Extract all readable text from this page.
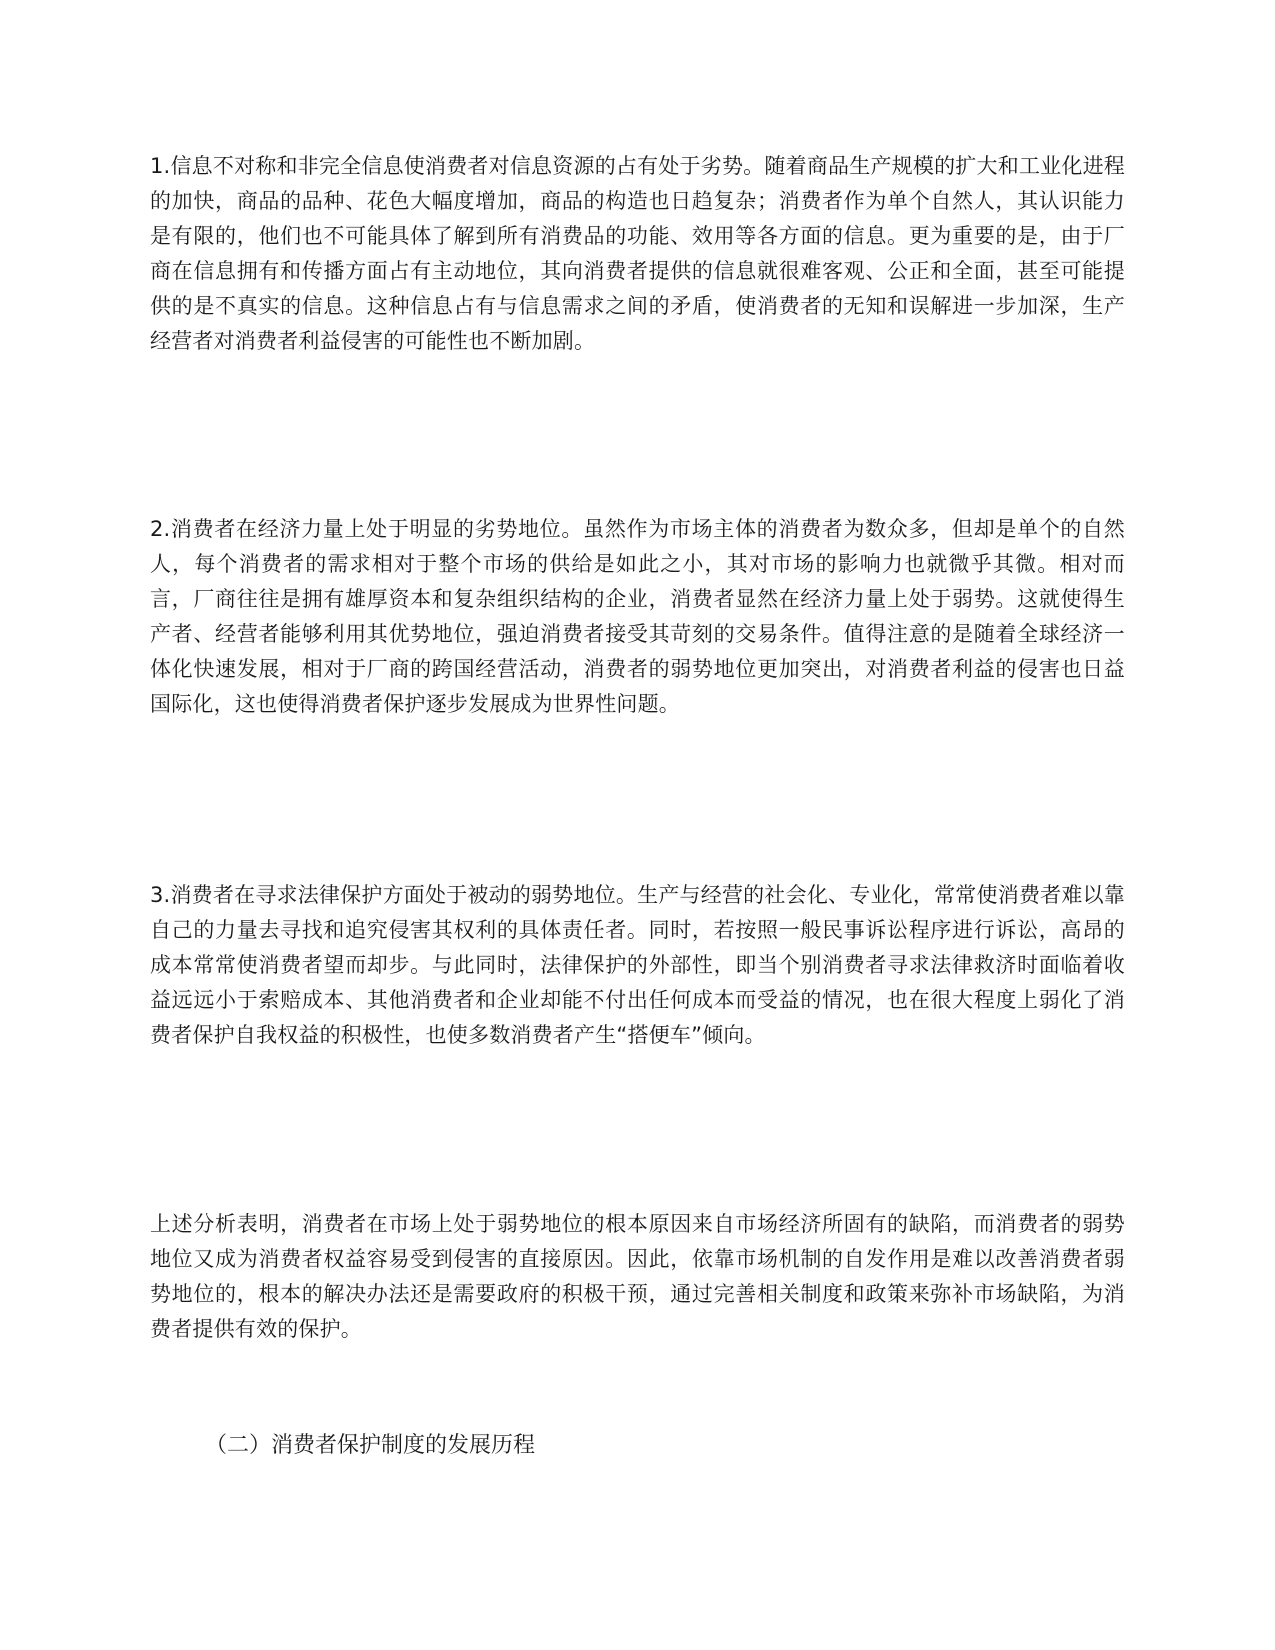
1.信息不对称和非完全信息使消费者对信息资源的占有处于劣势。随着商品生产规模的扩大和工业化进程的加快，商品的品种、花色大幅度增加，商品的构造也日趋复杂；消费者作为单个自然人，其认识能力是有限的，他们也不可能具体了解到所有消费品的功能、效用等各方面的信息。更为重要的是，由于厂商在信息拥有和传播方面占有主动地位，其向消费者提供的信息就很难客观、公正和全面，甚至可能提供的是不真实的信息。这种信息占有与信息需求之间的矛盾，使消费者的无知和误解进一步加深，生产经营者对消费者利益侵害的可能性也不断加剧。

2.消费者在经济力量上处于明显的劣势地位。虽然作为市场主体的消费者为数众多，但却是单个的自然人，每个消费者的需求相对于整个市场的供给是如此之小，其对市场的影响力也就微乎其微。相对而言，厂商往往是拥有雄厚资本和复杂组织结构的企业，消费者显然在经济力量上处于弱势。这就使得生产者、经营者能够利用其优势地位，强迫消费者接受其苛刻的交易条件。值得注意的是随着全球经济一体化快速发展，相对于厂商的跨国经营活动，消费者的弱势地位更加突出，对消费者利益的侵害也日益国际化，这也使得消费者保护逐步发展成为世界性问题。

3.消费者在寻求法律保护方面处于被动的弱势地位。生产与经营的社会化、专业化，常常使消费者难以靠自己的力量去寻找和追究侵害其权利的具体责任者。同时，若按照一般民事诉讼程序进行诉讼，高昂的成本常常使消费者望而却步。与此同时，法律保护的外部性，即当个别消费者寻求法律救济时面临着收益远远小于索赔成本、其他消费者和企业却能不付出任何成本而受益的情况，也在很大程度上弱化了消费者保护自我权益的积极性，也使多数消费者产生“搭便车”倾向。

上述分析表明，消费者在市场上处于弱势地位的根本原因来自市场经济所固有的缺陷，而消费者的弱势地位又成为消费者权益容易受到侵害的直接原因。因此，依靠市场机制的自发作用是难以改善消费者弱势地位的，根本的解决办法还是需要政府的积极干预，通过完善相关制度和政策来弥补市场缺陷，为消费者提供有效的保护。

（二）消费者保护制度的发展历程
